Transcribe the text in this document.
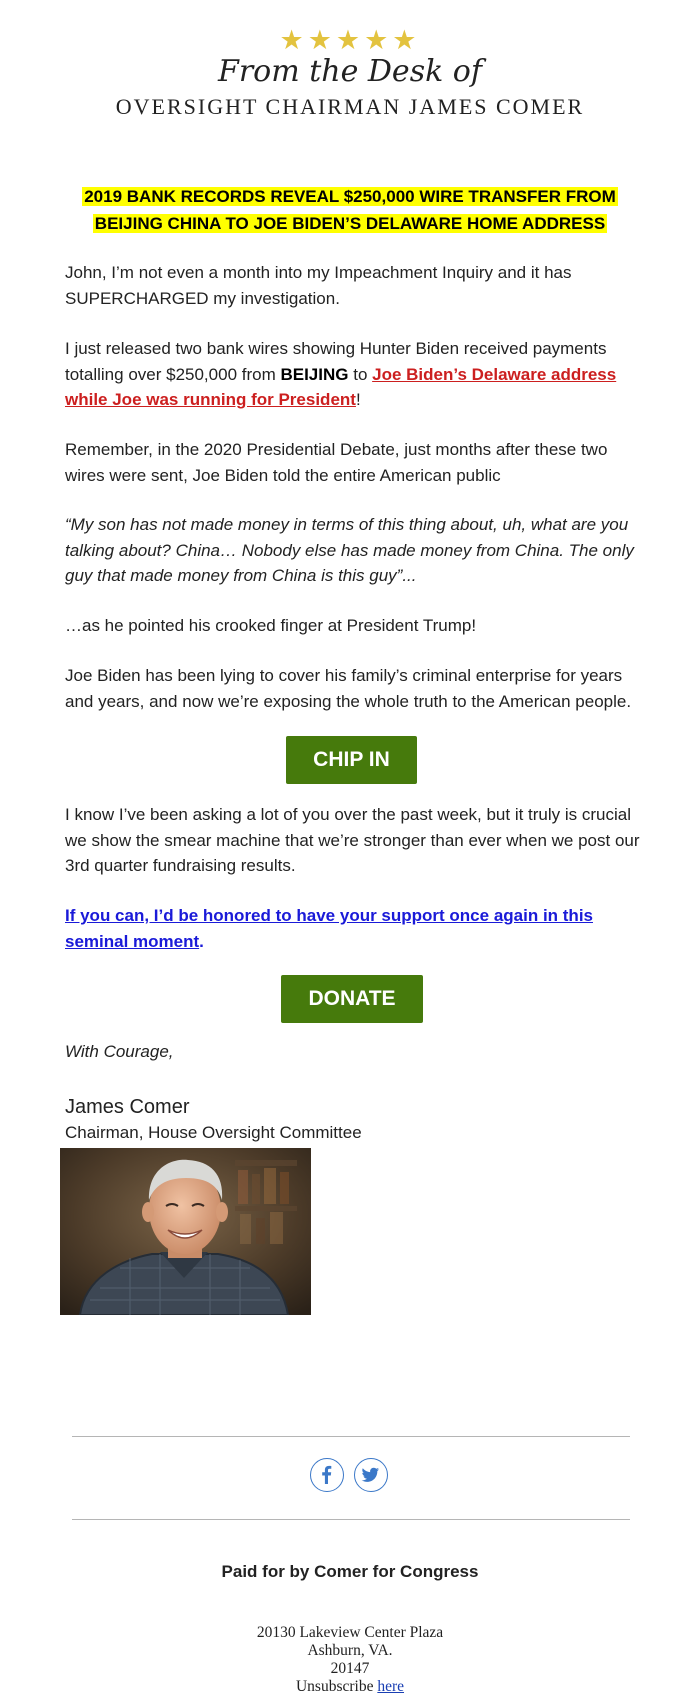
★★★★★
From the Desk of
OVERSIGHT CHAIRMAN JAMES COMER
2019 BANK RECORDS REVEAL $250,000 WIRE TRANSFER FROM
BEIJING CHINA TO JOE BIDEN’S DELAWARE HOME ADDRESS
John, I’m not even a month into my Impeachment Inquiry and it has SUPERCHARGED my investigation.
I just released two bank wires showing Hunter Biden received payments totalling over $250,000 from BEIJING to Joe Biden’s Delaware address while Joe was running for President!
Remember, in the 2020 Presidential Debate, just months after these two wires were sent, Joe Biden told the entire American public
“My son has not made money in terms of this thing about, uh, what are you talking about? China… Nobody else has made money from China. The only guy that made money from China is this guy”...
…as he pointed his crooked finger at President Trump!
Joe Biden has been lying to cover his family’s criminal enterprise for years and years, and now we’re exposing the whole truth to the American people.
CHIP IN
I know I’ve been asking a lot of you over the past week, but it truly is crucial we show the smear machine that we’re stronger than ever when we post our 3rd quarter fundraising results.
If you can, I’d be honored to have your support once again in this seminal moment.
DONATE
With Courage,
James Comer
Chairman, House Oversight Committee
Paid for by Comer for Congress
20130 Lakeview Center Plaza
Ashburn, VA.
20147
Unsubscribe here
